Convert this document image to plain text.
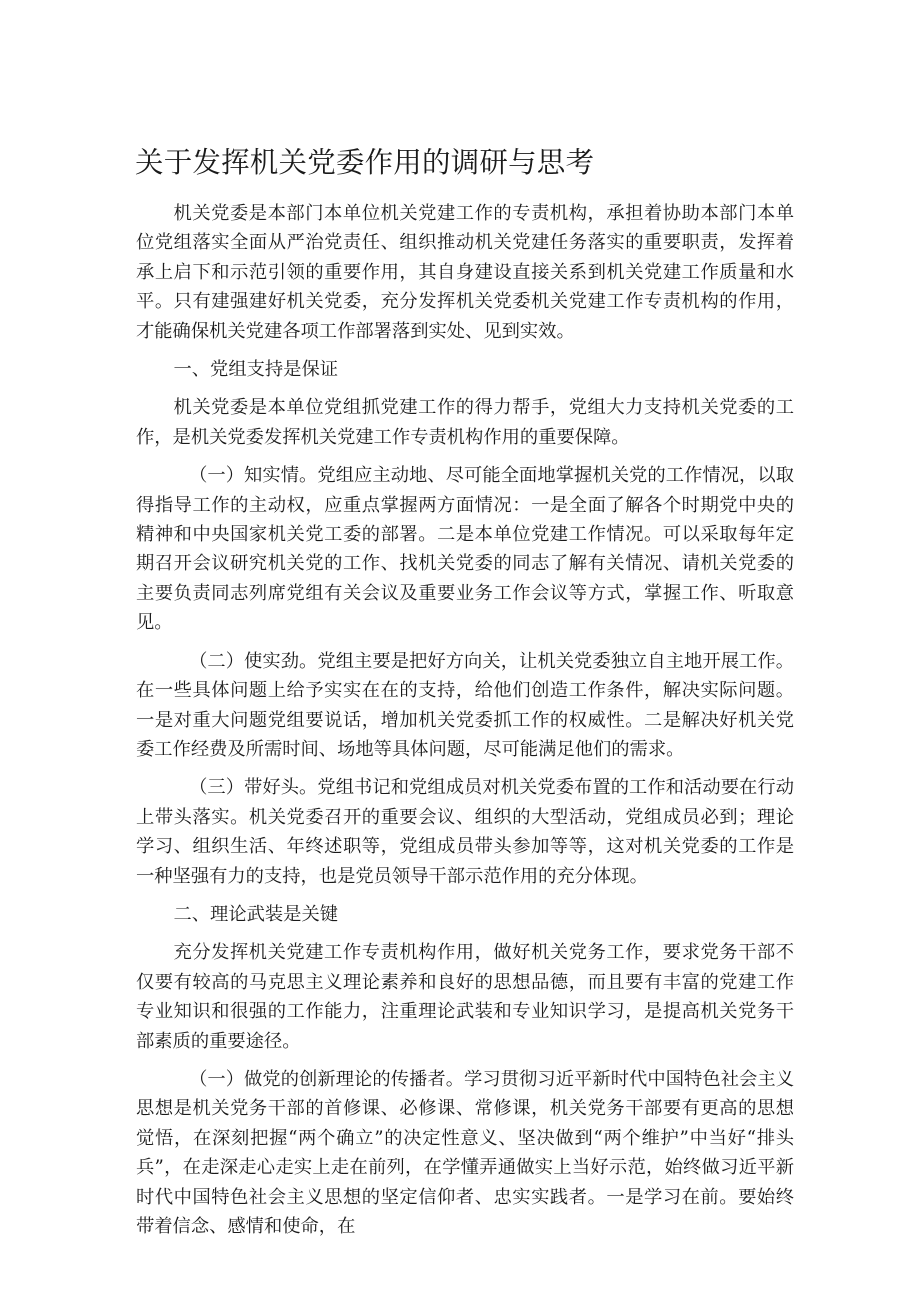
关于发挥机关党委作用的调研与思考

机关党委是本部门本单位机关党建工作的专责机构，承担着协助本部门本单位党组落实全面从严治党责任、组织推动机关党建任务落实的重要职责，发挥着承上启下和示范引领的重要作用，其自身建设直接关系到机关党建工作质量和水平。只有建强建好机关党委，充分发挥机关党委机关党建工作专责机构的作用，才能确保机关党建各项工作部署落到实处、见到实效。

一、党组支持是保证

机关党委是本单位党组抓党建工作的得力帮手，党组大力支持机关党委的工作，是机关党委发挥机关党建工作专责机构作用的重要保障。

（一）知实情。党组应主动地、尽可能全面地掌握机关党的工作情况，以取得指导工作的主动权，应重点掌握两方面情况：一是全面了解各个时期党中央的精神和中央国家机关党工委的部署。二是本单位党建工作情况。可以采取每年定期召开会议研究机关党的工作、找机关党委的同志了解有关情况、请机关党委的主要负责同志列席党组有关会议及重要业务工作会议等方式，掌握工作、听取意见。

（二）使实劲。党组主要是把好方向关，让机关党委独立自主地开展工作。在一些具体问题上给予实实在在的支持，给他们创造工作条件，解决实际问题。一是对重大问题党组要说话，增加机关党委抓工作的权威性。二是解决好机关党委工作经费及所需时间、场地等具体问题，尽可能满足他们的需求。

（三）带好头。党组书记和党组成员对机关党委布置的工作和活动要在行动上带头落实。机关党委召开的重要会议、组织的大型活动，党组成员必到；理论学习、组织生活、年终述职等，党组成员带头参加等等，这对机关党委的工作是一种坚强有力的支持，也是党员领导干部示范作用的充分体现。

二、理论武装是关键

充分发挥机关党建工作专责机构作用，做好机关党务工作，要求党务干部不仅要有较高的马克思主义理论素养和良好的思想品德，而且要有丰富的党建工作专业知识和很强的工作能力，注重理论武装和专业知识学习，是提高机关党务干部素质的重要途径。

（一）做党的创新理论的传播者。学习贯彻习近平新时代中国特色社会主义思想是机关党务干部的首修课、必修课、常修课，机关党务干部要有更高的思想觉悟，在深刻把握“两个确立”的决定性意义、坚决做到“两个维护”中当好“排头兵”，在走深走心走实上走在前列，在学懂弄通做实上当好示范，始终做习近平新时代中国特色社会主义思想的坚定信仰者、忠实实践者。一是学习在前。要始终带着信念、感情和使命，在
